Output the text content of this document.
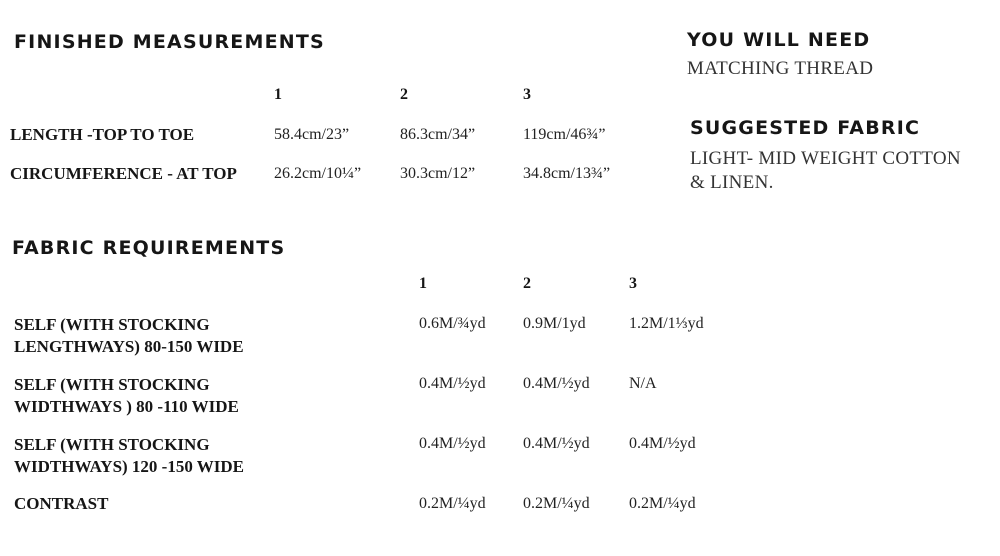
FINISHED MEASUREMENTS
1	2	3
LENGTH -TOP TO TOE	58.4cm/23”	86.3cm/34”	119cm/46¾”
CIRCUMFERENCE - AT TOP 26.2cm/10¼” 30.3cm/12”	34.8cm/13¾”
YOU WILL NEED
MATCHING THREAD
SUGGESTED FABRIC
LIGHT- MID WEIGHT COTTON
& LINEN.
FABRIC REQUIREMENTS
1	2	3
SELF (WITH STOCKING
LENGTHWAYS) 80-150 WIDE
0.6M/¾yd 0.9M/1yd	1.2M/1⅓yd
SELF (WITH STOCKING
WIDTHWAYS ) 80 -110 WIDE
0.4M/½yd 0.4M/½yd N/A
SELF (WITH STOCKING
WIDTHWAYS) 120 -150 WIDE
0.4M/½yd 0.4M/½yd 0.4M/½yd
CONTRAST	0.2M/¼yd 0.2M/¼yd 0.2M/¼yd
